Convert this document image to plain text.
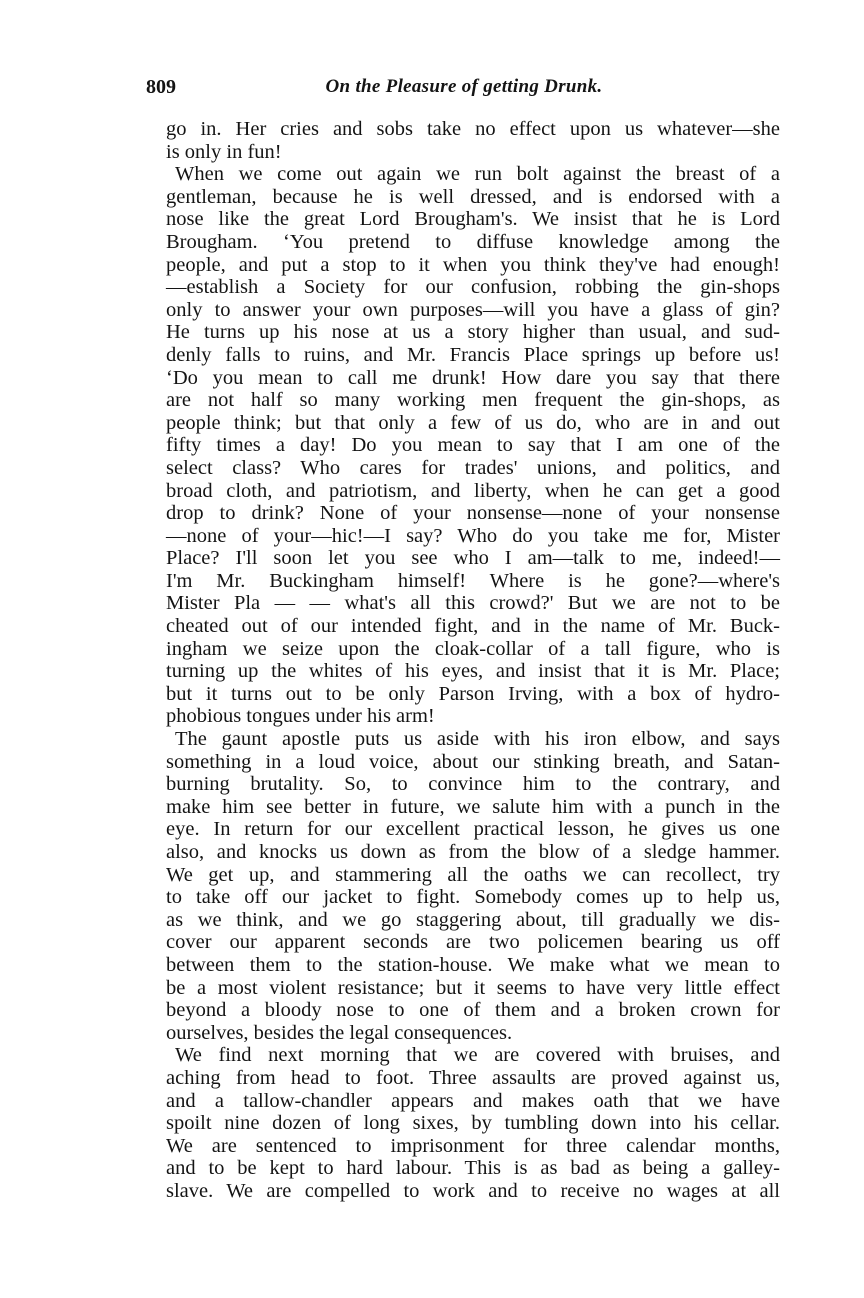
809	On the Pleasure of getting Drunk.
go in. Her cries and sobs take no effect upon us whatever—she
is only in fun!
When we come out again we run bolt against the breast of a
gentleman, because he is well dressed, and is endorsed with a
nose like the great Lord Brougham's. We insist that he is Lord
Brougham. ‘You pretend to diffuse knowledge among the
people, and put a stop to it when you think they've had enough!
—establish a Society for our confusion, robbing the gin-shops
only to answer your own purposes—will you have a glass of gin?
He turns up his nose at us a story higher than usual, and sud-
denly falls to ruins, and Mr. Francis Place springs up before us!
‘Do you mean to call me drunk! How dare you say that there
are not half so many working men frequent the gin-shops, as
people think; but that only a few of us do, who are in and out
fifty times a day! Do you mean to say that I am one of the
select class? Who cares for trades' unions, and politics, and
broad cloth, and patriotism, and liberty, when he can get a good
drop to drink? None of your nonsense—none of your nonsense
—none of your—hic!—I say? Who do you take me for, Mister
Place? I'll soon let you see who I am—talk to me, indeed!—
I'm Mr. Buckingham himself! Where is he gone?—where's
Mister Pla — — what's all this crowd?' But we are not to be
cheated out of our intended fight, and in the name of Mr. Buck-
ingham we seize upon the cloak-collar of a tall figure, who is
turning up the whites of his eyes, and insist that it is Mr. Place;
but it turns out to be only Parson Irving, with a box of hydro-
phobious tongues under his arm!
The gaunt apostle puts us aside with his iron elbow, and says
something in a loud voice, about our stinking breath, and Satan-
burning brutality. So, to convince him to the contrary, and
make him see better in future, we salute him with a punch in the
eye. In return for our excellent practical lesson, he gives us one
also, and knocks us down as from the blow of a sledge hammer.
We get up, and stammering all the oaths we can recollect, try
to take off our jacket to fight. Somebody comes up to help us,
as we think, and we go staggering about, till gradually we dis-
cover our apparent seconds are two policemen bearing us off
between them to the station-house. We make what we mean to
be a most violent resistance; but it seems to have very little effect
beyond a bloody nose to one of them and a broken crown for
ourselves, besides the legal consequences.
We find next morning that we are covered with bruises, and
aching from head to foot. Three assaults are proved against us,
and a tallow-chandler appears and makes oath that we have
spoilt nine dozen of long sixes, by tumbling down into his cellar.
We are sentenced to imprisonment for three calendar months,
and to be kept to hard labour. This is as bad as being a galley-
slave. We are compelled to work and to receive no wages at all
